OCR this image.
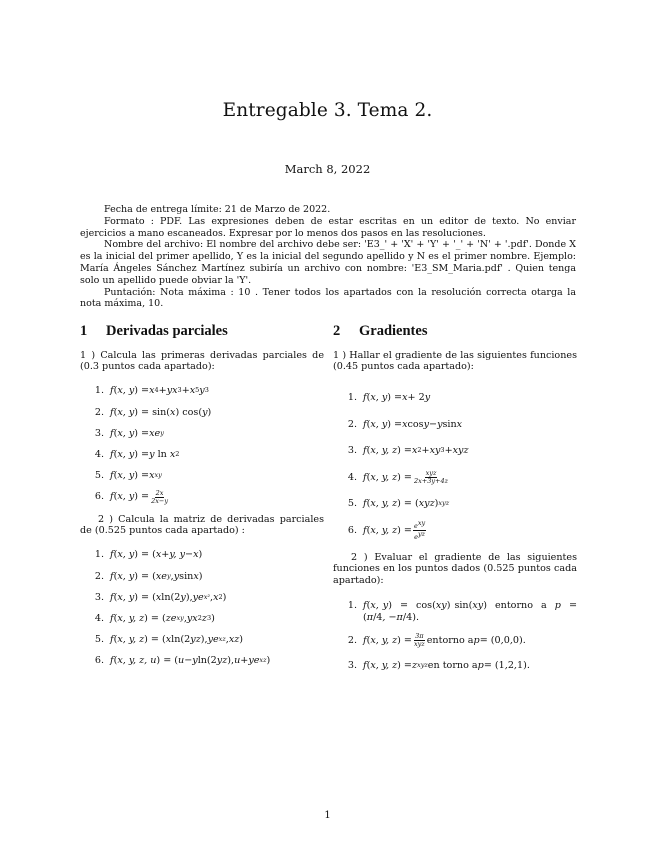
Entregable 3. Tema 2.
March 8, 2022

Fecha de entrega límite: 21 de Marzo de 2022.

Formato : PDF. Las expresiones deben de estar escritas en un editor de texto. No enviar ejercicios a mano escaneados. Expresar por lo menos dos pasos en las resoluciones.

Nombre del archivo: El nombre del archivo debe ser: 'E3_' + 'X' + 'Y' + '_' + 'N' + '.pdf'. Donde X es la inicial del primer apellido, Y es la inicial del segundo apellido y N es el primer nombre. Ejemplo: María Ángeles Sánchez Martínez subiría un archivo con nombre: 'E3_SM_Maria.pdf' . Quien tenga solo un apellido puede obviar la 'Y'.

Puntación: Nota máxima : 10 . Tener todos los apartados con la resolución correcta otarga la nota máxima, 10.

1 Derivadas parciales

1 ) Calcula las primeras derivadas parciales de (0.3 puntos cada apartado):

1. f ( x, y ) = x 4 + yx 3 + x 5 y 3
2. f ( x, y ) = sin( x ) cos( y )
3. f ( x, y ) = xe y
4. f ( x, y ) = y ln x 2
5. f ( x, y ) = x xy
6. f ( x, y ) = $\frac{2x}{2x-y}$

2 ) Calcula la matriz de derivadas parciales de (0.525 puntos cada apartado) :

1. f ( x, y ) = ( x + y, y − x )
2. f ( x, y ) = ( xe y , y sin x )
3. f ( x, y ) = ( x ln(2 y ), ye x² , x 2 )
4. f ( x, y, z ) = ( ze xy , yx 2 z 3 )
5. f ( x, y, z ) = ( x ln(2 yz ), ye xz , xz )
6. f ( x, y, z, u ) = ( u − y ln(2 yz ), u + ye xz )
2 Gradientes

1 ) Hallar el gradiente de las siguientes funciones (0.45 puntos cada apartado):

1. f ( x, y ) = x + 2 y
2. f ( x, y ) = x cos y − y sin x
3. f ( x, y, z ) = x 2 + xy 3 + xyz
4. f ( x, y, z ) = $\frac{\text{xyz}}{2x+3y+4z}$
5. f ( x, y, z ) = ( xyz ) xyz
6. f ( x, y, z ) = $\frac{e^{xy}}{e^{yz}}$

2 ) Evaluar el gradiente de las siguientes funciones en los puntos dados (0.525 puntos cada apartado):

1. f(x, y)  =  cos(xy) sin(xy)  entorno  a  p  = (π/4, −π/4).
2. f ( x, y, z ) = $\frac{3\pi}{\text{xyz}}$ entorno a p = (0 , 0 , 0).
3. f ( x, y, z ) = z xyz en torno a p = (1 , 2 , 1).
1
